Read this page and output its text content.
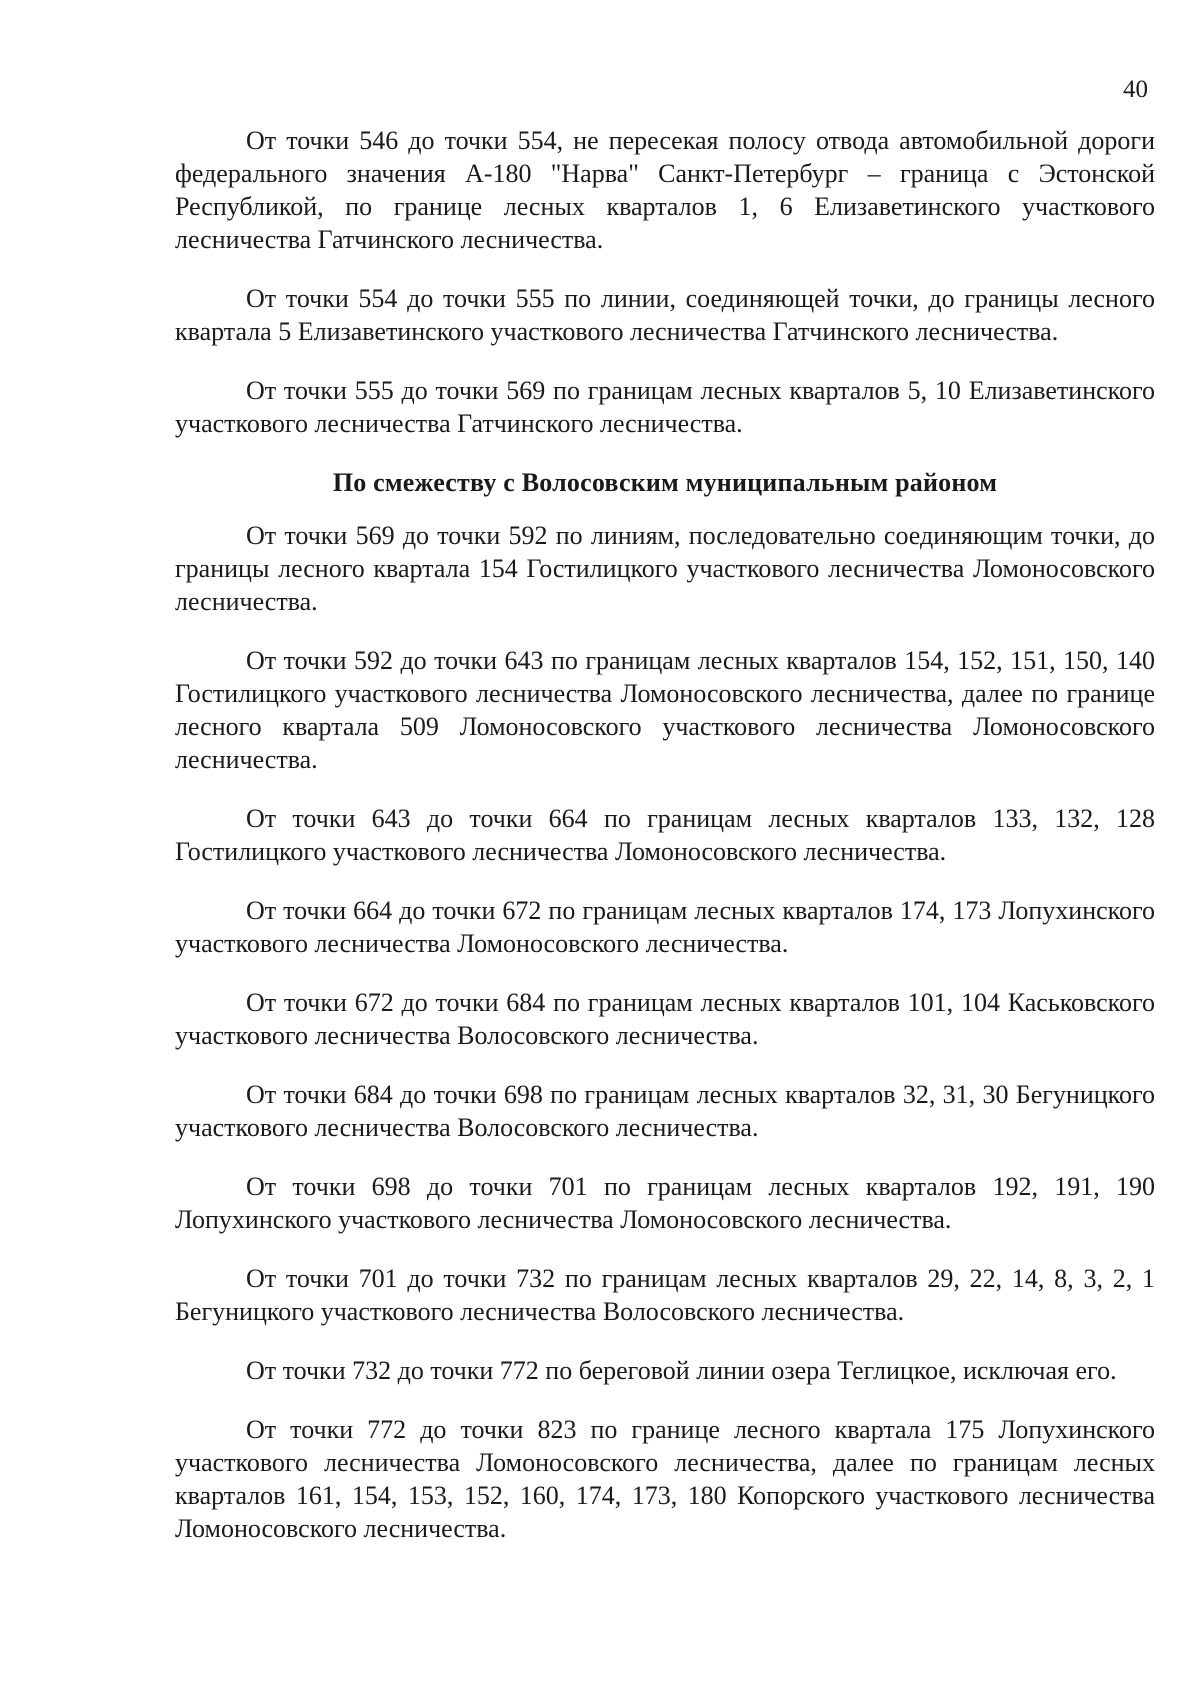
40

От точки 546 до точки 554, не пересекая полосу отвода автомобильной дороги федерального значения А-180 "Нарва" Санкт-Петербург – граница с Эстонской Республикой, по границе лесных кварталов 1, 6 Елизаветинского участкового лесничества Гатчинского лесничества.

От точки 554 до точки 555 по линии, соединяющей точки, до границы лесного квартала 5 Елизаветинского участкового лесничества Гатчинского лесничества.

От точки 555 до точки 569 по границам лесных кварталов 5, 10 Елизаветинского участкового лесничества Гатчинского лесничества.

По смежеству с Волосовским муниципальным районом

От точки 569 до точки 592 по линиям, последовательно соединяющим точки, до границы лесного квартала 154 Гостилицкого участкового лесничества Ломоносовского лесничества.

От точки 592 до точки 643 по границам лесных кварталов 154, 152, 151, 150, 140 Гостилицкого участкового лесничества Ломоносовского лесничества, далее по границе лесного квартала 509 Ломоносовского участкового лесничества Ломоносовского лесничества.

От точки 643 до точки 664 по границам лесных кварталов 133, 132, 128 Гостилицкого участкового лесничества Ломоносовского лесничества.

От точки 664 до точки 672 по границам лесных кварталов 174, 173 Лопухинского участкового лесничества Ломоносовского лесничества.

От точки 672 до точки 684 по границам лесных кварталов 101, 104 Каськовского участкового лесничества Волосовского лесничества.

От точки 684 до точки 698 по границам лесных кварталов 32, 31, 30 Бегуницкого участкового лесничества Волосовского лесничества.

От точки 698 до точки 701 по границам лесных кварталов 192, 191, 190 Лопухинского участкового лесничества Ломоносовского лесничества.

От точки 701 до точки 732 по границам лесных кварталов 29, 22, 14, 8, 3, 2, 1 Бегуницкого участкового лесничества Волосовского лесничества.

От точки 732 до точки 772 по береговой линии озера Теглицкое, исключая его.

От точки 772 до точки 823 по границе лесного квартала 175 Лопухинского участкового лесничества Ломоносовского лесничества, далее по границам лесных кварталов 161, 154, 153, 152, 160, 174, 173, 180 Копорского участкового лесничества Ломоносовского лесничества.
